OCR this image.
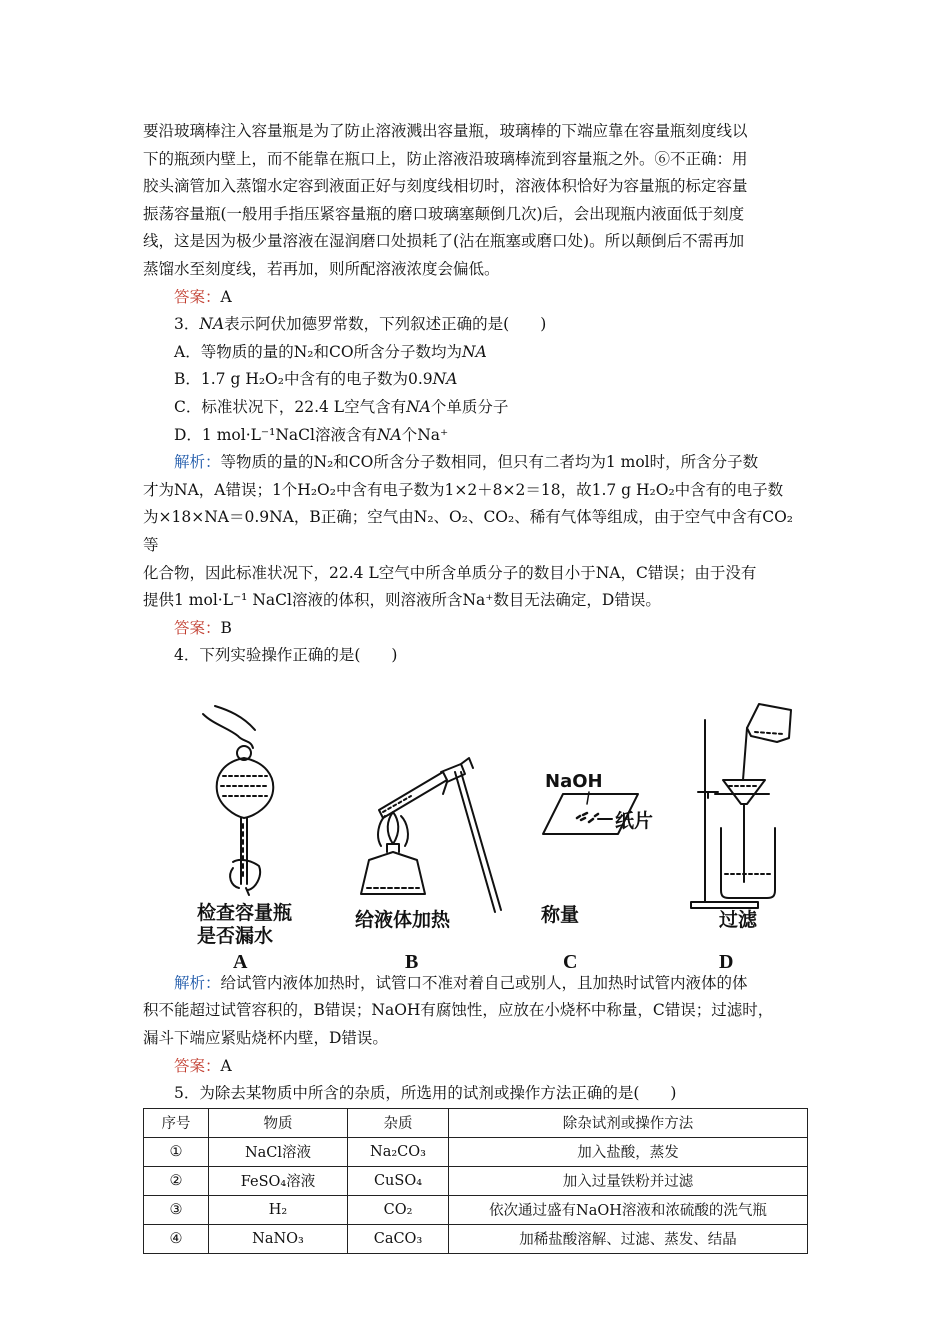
要沿玻璃棒注入容量瓶是为了防止溶液溅出容量瓶，玻璃棒的下端应靠在容量瓶刻度线以

下的瓶颈内壁上，而不能靠在瓶口上，防止溶液沿玻璃棒流到容量瓶之外。⑥不正确：用

胶头滴管加入蒸馏水定容到液面正好与刻度线相切时，溶液体积恰好为容量瓶的标定容量

振荡容量瓶(一般用手指压紧容量瓶的磨口玻璃塞颠倒几次)后，会出现瓶内液面低于刻度

线，这是因为极少量溶液在湿润磨口处损耗了(沾在瓶塞或磨口处)。所以颠倒后不需再加

蒸馏水至刻度线，若再加，则所配溶液浓度会偏低。

答案：A

3．NA表示阿伏加德罗常数，下列叙述正确的是(　　)

A．等物质的量的N₂和CO所含分子数均为NA

B．1.7 g H₂O₂中含有的电子数为0.9NA

C．标准状况下，22.4 L空气含有NA个单质分子

D．1 mol·L⁻¹NaCl溶液含有NA个Na⁺

解析：等物质的量的N₂和CO所含分子数相同，但只有二者均为1 mol时，所含分子数

才为NA，A错误；1个H₂O₂中含有电子数为1×2＋8×2＝18，故1.7 g H₂O₂中含有的电子数

为×18×NA＝0.9NA，B正确；空气由N₂、O₂、CO₂、稀有气体等组成，由于空气中含有CO₂等

化合物，因此标准状况下，22.4 L空气中所含单质分子的数目小于NA，C错误；由于没有

提供1 mol·L⁻¹ NaCl溶液的体积，则溶液所含Na⁺数目无法确定，D错误。

答案：B

4．下列实验操作正确的是(　　)

检查容量瓶
是否漏水
给液体加热	称量	过滤
NaOH
纸片
A	B	C	D

解析：给试管内液体加热时，试管口不准对着自己或别人，且加热时试管内液体的体

积不能超过试管容积的，B错误；NaOH有腐蚀性，应放在小烧杯中称量，C错误；过滤时，

漏斗下端应紧贴烧杯内壁，D错误。

答案：A

5．为除去某物质中所含的杂质，所选用的试剂或操作方法正确的是(　　)

序号	物质	杂质	除杂试剂或操作方法
①	NaCl溶液	Na₂CO₃	加入盐酸，蒸发
②	FeSO₄溶液	CuSO₄	加入过量铁粉并过滤
③	H₂	CO₂	依次通过盛有NaOH溶液和浓硫酸的洗气瓶
④	NaNO₃	CaCO₃	加稀盐酸溶解、过滤、蒸发、结晶
